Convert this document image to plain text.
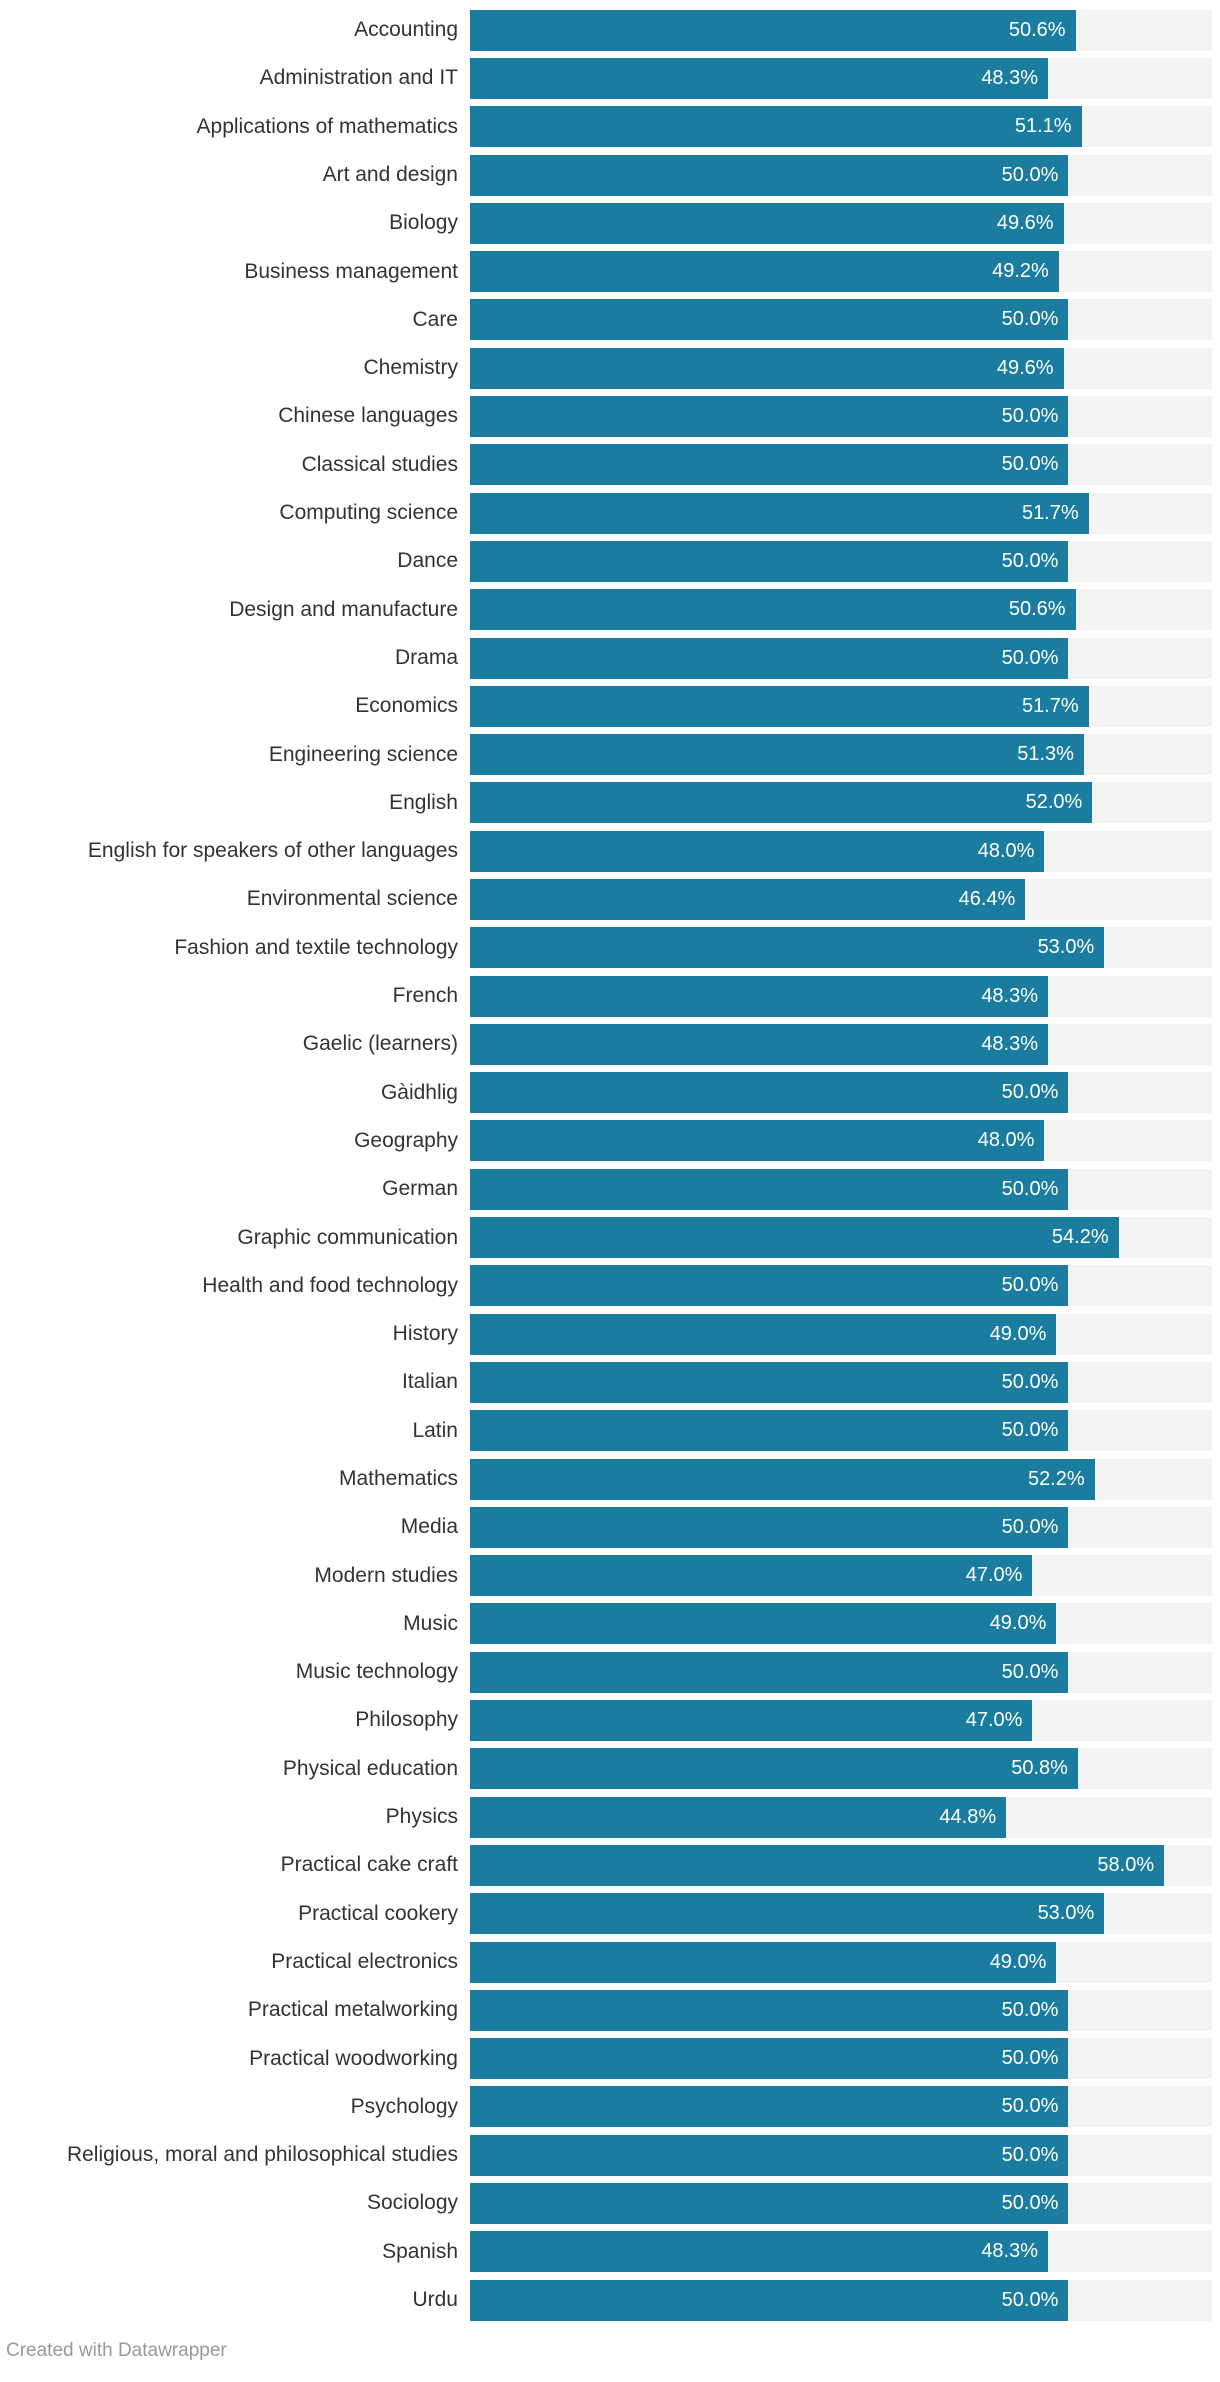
Accounting	50.6%
Administration and IT	48.3%
Applications of mathematics	51.1%
Art and design	50.0%
Biology	49.6%
Business management	49.2%
Care	50.0%
Chemistry	49.6%
Chinese languages	50.0%
Classical studies	50.0%
Computing science	51.7%
Dance	50.0%
Design and manufacture	50.6%
Drama	50.0%
Economics	51.7%
Engineering science	51.3%
English	52.0%
English for speakers of other languages	48.0%
Environmental science	46.4%
Fashion and textile technology	53.0%
French	48.3%
Gaelic (learners)	48.3%
Gàidhlig	50.0%
Geography	48.0%
German	50.0%
Graphic communication	54.2%
Health and food technology	50.0%
History	49.0%
Italian	50.0%
Latin	50.0%
Mathematics	52.2%
Media	50.0%
Modern studies	47.0%
Music	49.0%
Music technology	50.0%
Philosophy	47.0%
Physical education	50.8%
Physics	44.8%
Practical cake craft	58.0%
Practical cookery	53.0%
Practical electronics	49.0%
Practical metalworking	50.0%
Practical woodworking	50.0%
Psychology	50.0%
Religious, moral and philosophical studies	50.0%
Sociology	50.0%
Spanish	48.3%
Urdu	50.0%
Created with Datawrapper
